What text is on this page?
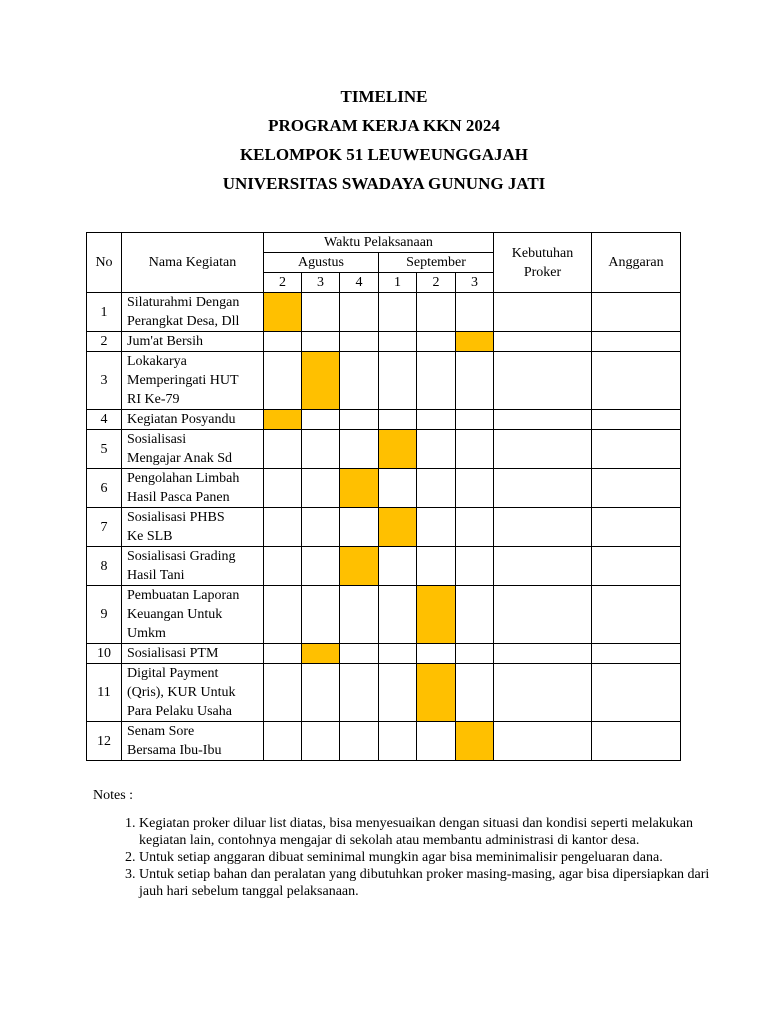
TIMELINE
PROGRAM KERJA KKN 2024
KELOMPOK 51 LEUWEUNGGAJAH
UNIVERSITAS SWADAYA GUNUNG JATI
No	Nama Kegiatan	Waktu Pelaksanaan						Kebutuhan Proker	Anggaran
		Agustus			September				
		2	3	4	1	2	3		
1	Silaturahmi Dengan
Perangkat Desa, Dll								

2	Jum'at Bersih								

3	Lokakarya
Memperingati HUT
RI Ke-79								

4	Kegiatan Posyandu								

5	Sosialisasi
Mengajar Anak Sd								

6	Pengolahan Limbah
Hasil Pasca Panen								

7	Sosialisasi PHBS
Ke SLB								

8	Sosialisasi Grading
Hasil Tani								

9	Pembuatan Laporan
Keuangan Untuk
Umkm								

10	Sosialisasi PTM								

11	Digital Payment
(Qris), KUR Untuk
Para Pelaku Usaha								

12	Senam Sore
Bersama Ibu-Ibu								

Notes :
1. Kegiatan proker diluar list diatas, bisa menyesuaikan dengan situasi dan kondisi seperti melakukan kegiatan lain, contohnya mengajar di sekolah atau membantu administrasi di kantor desa.
2. Untuk setiap anggaran dibuat seminimal mungkin agar bisa meminimalisir pengeluaran dana.
3. Untuk setiap bahan dan peralatan yang dibutuhkan proker masing-masing, agar bisa dipersiapkan dari jauh hari sebelum tanggal pelaksanaan.
